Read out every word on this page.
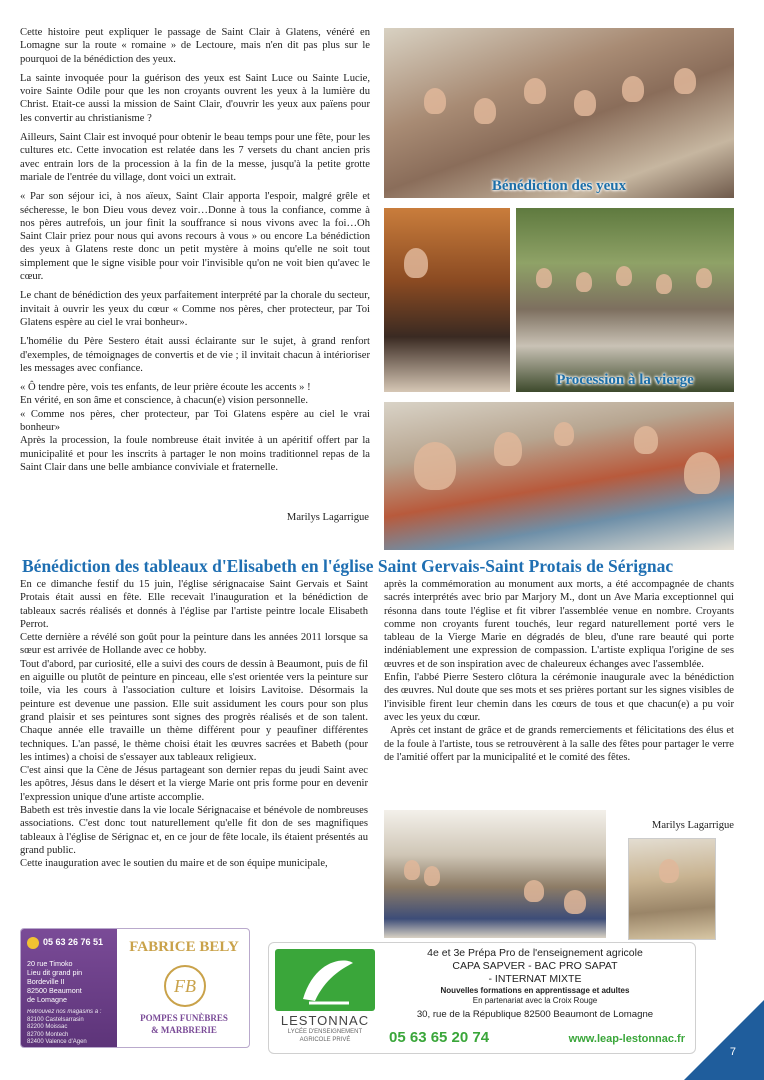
Cette histoire peut expliquer le passage de Saint Clair à Glatens, vénéré en Lomagne sur la route « romaine » de Lectoure, mais n'en dit pas plus sur le pourquoi de la bénédiction des yeux.

La sainte invoquée pour la guérison des yeux est Saint Luce ou Sainte Lucie, voire Sainte Odile pour que les non croyants ouvrent les yeux à la lumière du Christ. Etait-ce aussi la mission de Saint Clair, d'ouvrir les yeux aux païens pour les convertir au christianisme ?

Ailleurs, Saint Clair est invoqué pour obtenir le beau temps pour une fête, pour les cultures etc. Cette invocation est relatée dans les 7 versets du chant ancien pris avec entrain lors de la procession à la fin de la messe, jusqu'à la petite grotte mariale de l'entrée du village, dont voici un extrait.

« Par son séjour ici, à nos aïeux, Saint Clair apporta l'espoir, malgré grêle et sécheresse, le bon Dieu vous devez voir…Donne à tous la confiance, comme à nos pères autrefois, un jour finit la souffrance si nous vivons avec la foi…Oh Saint Clair priez pour nous qui avons recours à vous » ou encore La bénédiction des yeux à Glatens reste donc un petit mystère à moins qu'elle ne soit tout simplement que le signe visible pour voir l'invisible qu'on ne voit bien qu'avec le cœur.

Le chant de bénédiction des yeux parfaitement interprété par la chorale du secteur, invitait à ouvrir les yeux du cœur « Comme nos pères, cher protecteur, par Toi Glatens espère au ciel le vrai bonheur».

L'homélie du Père Sestero était aussi éclairante sur le sujet, à grand renfort d'exemples, de témoignages de convertis et de vie ; il invitait chacun à intérioriser les messages avec confiance.

« Ô tendre père, vois tes enfants, de leur prière écoute les accents » !

En vérité, en son âme et conscience, à chacun(e) vision personnelle.

« Comme nos pères, cher protecteur, par Toi Glatens espère au ciel le vrai bonheur»

Après la procession, la foule nombreuse était invitée à un apéritif offert par la municipalité et pour les inscrits à partager le non moins traditionnel repas de la Saint Clair dans une belle ambiance conviviale et fraternelle.

Marilys Lagarrigue
Bénédiction des yeux
Procession à la vierge
Bénédiction des tableaux d'Elisabeth en l'église Saint Gervais-Saint Protais de Sérignac

En ce dimanche festif du 15 juin, l'église sérignacaise Saint Gervais et Saint Protais était aussi en fête. Elle recevait l'inauguration et la bénédiction de tableaux sacrés réalisés et donnés à l'église par l'artiste peintre locale Elisabeth Perrot.

Cette dernière a révélé son goût pour la peinture dans les années 2011 lorsque sa sœur est arrivée de Hollande avec ce hobby.

Tout d'abord, par curiosité, elle a suivi des cours de dessin à Beaumont, puis de fil en aiguille ou plutôt de peinture en pinceau, elle s'est orientée vers la peinture sur toile, via les cours à l'association culture et loisirs Lavitoise. Désormais la peinture est devenue une passion. Elle suit assidument les cours pour son plus grand plaisir et ses peintures sont signes des progrès réalisés et de son talent. Chaque année elle travaille un thème différent pour y peaufiner différentes techniques. L'an passé, le thème choisi était les œuvres sacrées et Babeth (pour les intimes) a choisi de s'essayer aux tableaux religieux.

C'est ainsi que la Cène de Jésus partageant son dernier repas du jeudi Saint avec les apôtres, Jésus dans le désert et la vierge Marie ont pris forme pour en devenir l'expression unique d'une artiste accomplie.

Babeth est très investie dans la vie locale Sérignacaise et bénévole de nombreuses associations. C'est donc tout naturellement qu'elle fit don de ses magnifiques tableaux à l'église de Sérignac et, en ce jour de fête locale, ils étaient présentés au grand public.

Cette inauguration avec le soutien du maire et de son équipe municipale,

après la commémoration au monument aux morts, a été accompagnée de chants sacrés interprétés avec brio par Marjory M., dont un Ave Maria exceptionnel qui résonna dans toute l'église et fit vibrer l'assemblée venue en nombre. Croyants comme non croyants furent touchés, leur regard naturellement porté vers le tableau de la Vierge Marie en dégradés de bleu, d'une rare beauté qui porte indéniablement une expression de compassion. L'artiste expliqua l'origine de ses œuvres et de son inspiration avec de chaleureux échanges avec l'assemblée.

Enfin, l'abbé Pierre Sestero clôtura la cérémonie inaugurale avec la bénédiction des œuvres. Nul doute que ses mots et ses prières portant sur les signes visibles de l'invisible firent leur chemin dans les cœurs de tous et que chacun(e) a pu voir avec les yeux du cœur.

Après cet instant de grâce et de grands remerciements et félicitations des élus et de la foule à l'artiste, tous se retrouvèrent à la salle des fêtes pour partager le verre de l'amitié offert par la municipalité et le comité des fêtes.

Marilys Lagarrigue
05 63 26 76 51
20 rue Timoko
Lieu dit grand pin
Bordeville II
82500 Beaumont
de Lomagne
Retrouvez nos magasins à :
82100 Castelsarrasin
82200 Moissac
82700 Montech
82400 Valence d'Agen
FABRICE BELY
FB
POMPES FUNÈBRES
& MARBRERIE
LESTONNAC
LYCÉE D'ENSEIGNEMENT
AGRICOLE PRIVÉ
4e et 3e Prépa Pro de l'enseignement agricole
CAPA SAPVER - BAC PRO SAPAT
- INTERNAT MIXTE
Nouvelles formations en apprentissage et adultes
En partenariat avec la Croix Rouge
30, rue de la République 82500 Beaumont de Lomagne
05 63 65 20 74	www.leap-lestonnac.fr
7
